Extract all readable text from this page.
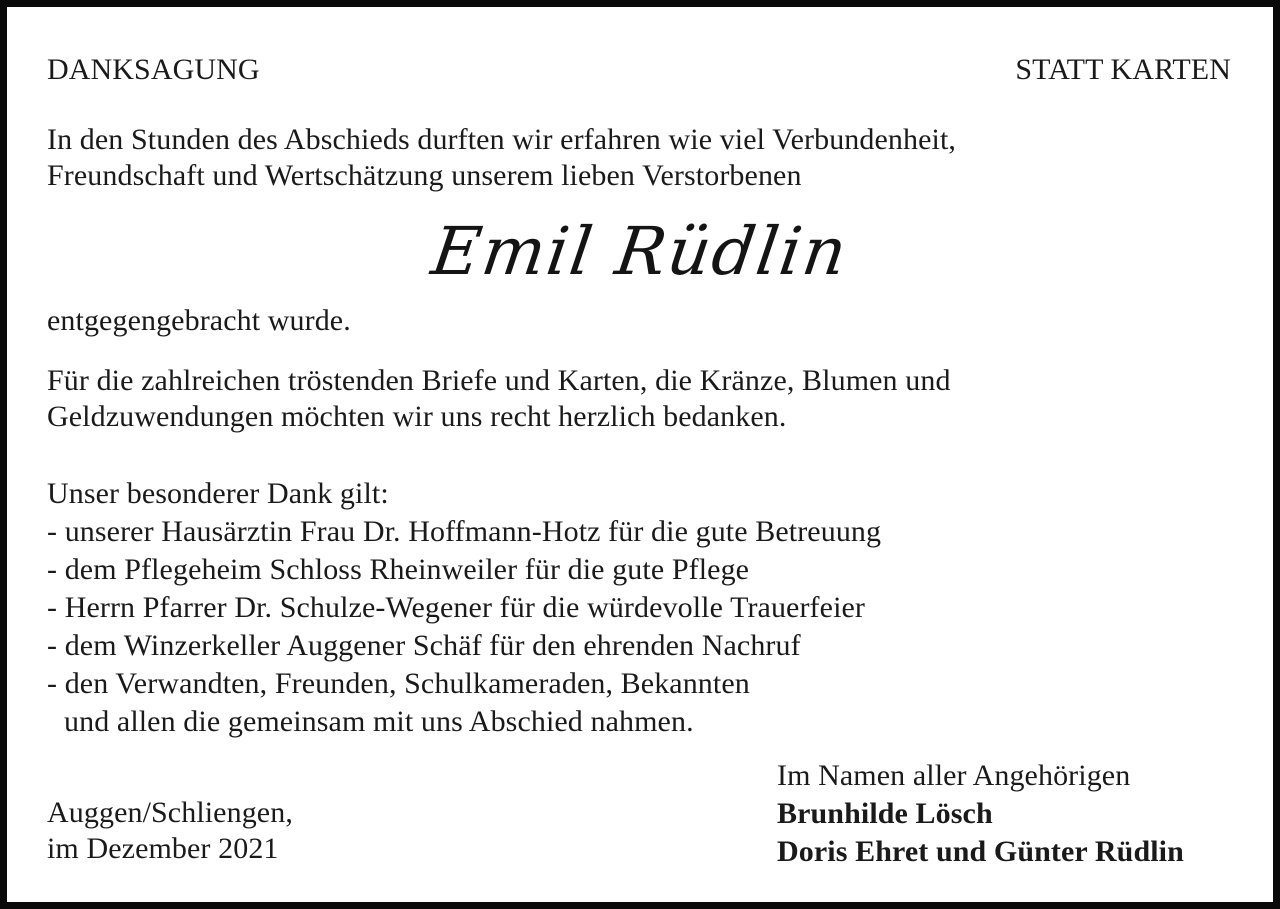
DANKSAGUNG	STATT KARTEN
In den Stunden des Abschieds durften wir erfahren wie viel Verbundenheit,
Freundschaft und Wertschätzung unserem lieben Verstorbenen
Emil Rüdlin
entgegengebracht wurde.
Für die zahlreichen tröstenden Briefe und Karten, die Kränze, Blumen und
Geldzuwendungen möchten wir uns recht herzlich bedanken.
Unser besonderer Dank gilt:
- unserer Hausärztin Frau Dr. Hoffmann-Hotz für die gute Betreuung
- dem Pflegeheim Schloss Rheinweiler für die gute Pflege
- Herrn Pfarrer Dr. Schulze-Wegener für die würdevolle Trauerfeier
- dem Winzerkeller Auggener Schäf für den ehrenden Nachruf
- den Verwandten, Freunden, Schulkameraden, Bekannten
und allen die gemeinsam mit uns Abschied nahmen.
Auggen/Schliengen,
im Dezember 2021
Im Namen aller Angehörigen
Brunhilde Lösch
Doris Ehret und Günter Rüdlin
